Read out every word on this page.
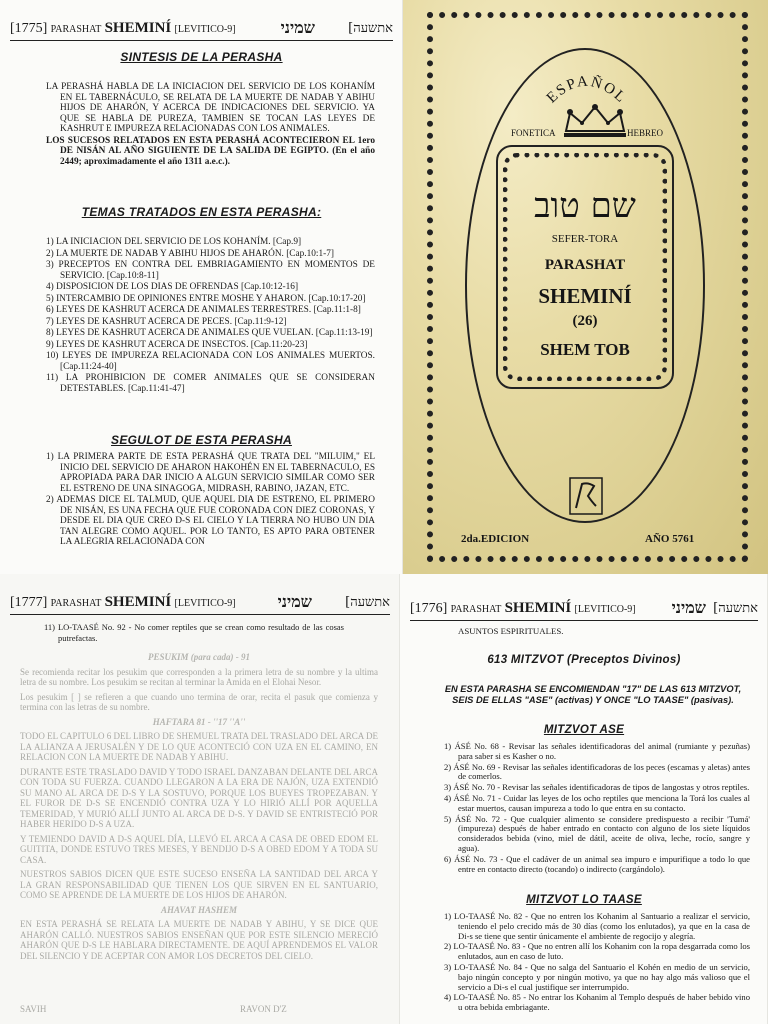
[1775] PARASHAT SHEMINÍ [LEVITICO-9]	שמיני	[אתשעה
SINTESIS DE LA PERASHA

LA PERASHÁ HABLA DE LA INICIACION DEL SERVICIO DE LOS KOHANÍM EN EL TABERNÁCULO, SE RELATA DE LA MUERTE DE NADAB Y ABIHU HIJOS DE AHARÓN, Y ACERCA DE INDICACIONES DEL SERVICIO. YA QUE SE HABLA DE PUREZA, TAMBIEN SE TOCAN LAS LEYES DE KASHRUT E IMPUREZA RELACIONADAS CON LOS ANIMALES.

LOS SUCESOS RELATADOS EN ESTA PERASHÁ ACONTECIERON EL 1ero DE NISÁN AL AÑO SIGUIENTE DE LA SALIDA DE EGIPTO. (En el año 2449; aproximadamente el año 1311 a.e.c.).

TEMAS TRATADOS EN ESTA PERASHA:

1) LA INICIACION DEL SERVICIO DE LOS KOHANÍM. [Cap.9]

2) LA MUERTE DE NADAB Y ABIHU HIJOS DE AHARÓN. [Cap.10:1-7]

3) PRECEPTOS EN CONTRA DEL EMBRIAGAMIENTO EN MOMENTOS DE SERVICIO. [Cap.10:8-11]

4) DISPOSICION DE LOS DIAS DE OFRENDAS [Cap.10:12-16]

5) INTERCAMBIO DE OPINIONES ENTRE MOSHE Y AHARON. [Cap.10:17-20]

6) LEYES DE KASHRUT ACERCA DE ANIMALES TERRESTRES. [Cap.11:1-8]

7) LEYES DE KASHRUT ACERCA DE PECES. [Cap.11:9-12]

8) LEYES DE KASHRUT ACERCA DE ANIMALES QUE VUELAN. [Cap.11:13-19]

9) LEYES DE KASHRUT ACERCA DE INSECTOS. [Cap.11:20-23]

10) LEYES DE IMPUREZA RELACIONADA CON LOS ANIMALES MUERTOS. [Cap.11:24-40]

11) LA PROHIBICION DE COMER ANIMALES QUE SE CONSIDERAN DETESTABLES. [Cap.11:41-47]

SEGULOT DE ESTA PERASHA

1) LA PRIMERA PARTE DE ESTA PERASHÁ QUE TRATA DEL "MILUIM," EL INICIO DEL SERVICIO DE AHARON HAKOHÉN EN EL TABERNACULO, ES APROPIADA PARA DAR INICIO A ALGUN SERVICIO SIMILAR COMO SER EL ESTRENO DE UNA SINAGOGA, MIDRASH, RABINO, JAZAN, ETC.

2) ADEMAS DICE EL TALMUD, QUE AQUEL DIA DE ESTRENO, EL PRIMERO DE NISÁN, ES UNA FECHA QUE FUE CORONADA CON DIEZ CORONAS, Y DESDE EL DIA QUE CREO D-S EL CIELO Y LA TIERRA NO HUBO UN DIA TAN ALEGRE COMO AQUEL. POR LO TANTO, ES APTO PARA OBTENER LA ALEGRIA RELACIONADA CON

ESPAÑOL
FONETICA	HEBREO
שם טוב
SEFER-TORA
PARASHAT
SHEMINÍ
(26)
SHEM TOB
2da.EDICION	AÑO 5761
[1777] PARASHAT SHEMINÍ [LEVITICO-9]	שמיני	[אתשעה

11) LO-TAASÉ No. 92 - No comer reptiles que se crean como resultado de las cosas putrefactas.

PESUKIM (para cada) - 91

Se recomienda recitar los pesukim que corresponden a la primera letra de su nombre y la ultima letra de su nombre. Los pesukim se recitan al terminar la Amida en el Elohai Nesor.

Los pesukim [ ] se refieren a que cuando uno termina de orar, recita el pasuk que comienza y termina con las letras de su nombre.

HAFTARA 81 - ''17 ''A''

TODO EL CAPITULO 6 DEL LIBRO DE SHEMUEL TRATA DEL TRASLADO DEL ARCA DE LA ALIANZA A JERUSALÉN Y DE LO QUE ACONTECIÓ CON UZA EN EL CAMINO, EN RELACION CON LA MUERTE DE NADAB Y ABIHU.

DURANTE ESTE TRASLADO DAVID Y TODO ISRAEL DANZABAN DELANTE DEL ARCA CON TODA SU FUERZA. CUANDO LLEGARON A LA ERA DE NAJÓN, UZA EXTENDIÓ SU MANO AL ARCA DE D-S Y LA SOSTUVO, PORQUE LOS BUEYES TROPEZABAN. Y EL FUROR DE D-S SE ENCENDIÓ CONTRA UZA Y LO HIRIÓ ALLÍ POR AQUELLA TEMERIDAD, Y MURIÓ ALLÍ JUNTO AL ARCA DE D-S. Y DAVID SE ENTRISTECIÓ POR HABER HERIDO D-S A UZA.

Y TEMIENDO DAVID A D-S AQUEL DÍA, LLEVÓ EL ARCA A CASA DE OBED EDOM EL GUITITA, DONDE ESTUVO TRES MESES, Y BENDIJO D-S A OBED EDOM Y A TODA SU CASA.

NUESTROS SABIOS DICEN QUE ESTE SUCESO ENSEÑA LA SANTIDAD DEL ARCA Y LA GRAN RESPONSABILIDAD QUE TIENEN LOS QUE SIRVEN EN EL SANTUARIO, COMO SE APRENDE DE LA MUERTE DE LOS HIJOS DE AHARÓN.

AHAVAT HASHEM

EN ESTA PERASHÁ SE RELATA LA MUERTE DE NADAB Y ABIHU, Y SE DICE QUE AHARÓN CALLÓ. NUESTROS SABIOS ENSEÑAN QUE POR ESTE SILENCIO MERECIÓ AHARÓN QUE D-S LE HABLARA DIRECTAMENTE. DE AQUÍ APRENDEMOS EL VALOR DEL SILENCIO Y DE ACEPTAR CON AMOR LOS DECRETOS DEL CIELO.

SAVIH	RAVON D'Z
[1776] PARASHAT SHEMINÍ [LEVITICO-9] שמיני [אתשעה
ASUNTOS ESPIRITUALES.
613 MITZVOT (Preceptos Divinos)
EN ESTA PARASHA SE ENCOMIENDAN "17" DE LAS 613 MITZVOT, SEIS DE ELLAS "ASE" (activas) Y ONCE "LO TAASE" (pasivas).
MITZVOT ASE

1) ÁSÉ No. 68 - Revisar las señales identificadoras del animal (rumiante y pezuñas) para saber si es Kasher o no.

2) ÁSÉ No. 69 - Revisar las señales identificadoras de los peces (escamas y aletas) antes de comerlos.

3) ÁSÉ No. 70 - Revisar las señales identificadoras de tipos de langostas y otros reptiles.

4) ÁSÉ No. 71 - Cuidar las leyes de los ocho reptiles que menciona la Torá los cuales al estar muertos, causan impureza a todo lo que entra en su contacto.

5) ÁSÉ No. 72 - Que cualquier alimento se considere predispuesto a recibir 'Tumá' (impureza) después de haber entrado en contacto con alguno de los siete líquidos considerados bebida (vino, miel de dátil, aceite de oliva, leche, rocío, sangre y agua).

6) ÁSÉ No. 73 - Que el cadáver de un animal sea impuro e impurifique a todo lo que entre en contacto directo (tocando) o indirecto (cargándolo).

MITZVOT LO TAASE

1) LO-TAASÉ No. 82 - Que no entren los Kohanim al Santuario a realizar el servicio, teniendo el pelo crecido más de 30 días (como los enlutados), ya que en la casa de Di-s se tiene que sentir únicamente el ambiente de regocijo y alegría.

2) LO-TAASÉ No. 83 - Que no entren allí los Kohanim con la ropa desgarrada como los enlutados, aun en caso de luto.

3) LO-TAASÉ No. 84 - Que no salga del Santuario el Kohén en medio de un servicio, bajo ningún concepto y por ningún motivo, ya que no hay algo más valioso que el servicio a Di-s el cual justifique ser interrumpido.

4) LO-TAASÉ No. 85 - No entrar los Kohanim al Templo después de haber bebido vino u otra bebida embriagante.
